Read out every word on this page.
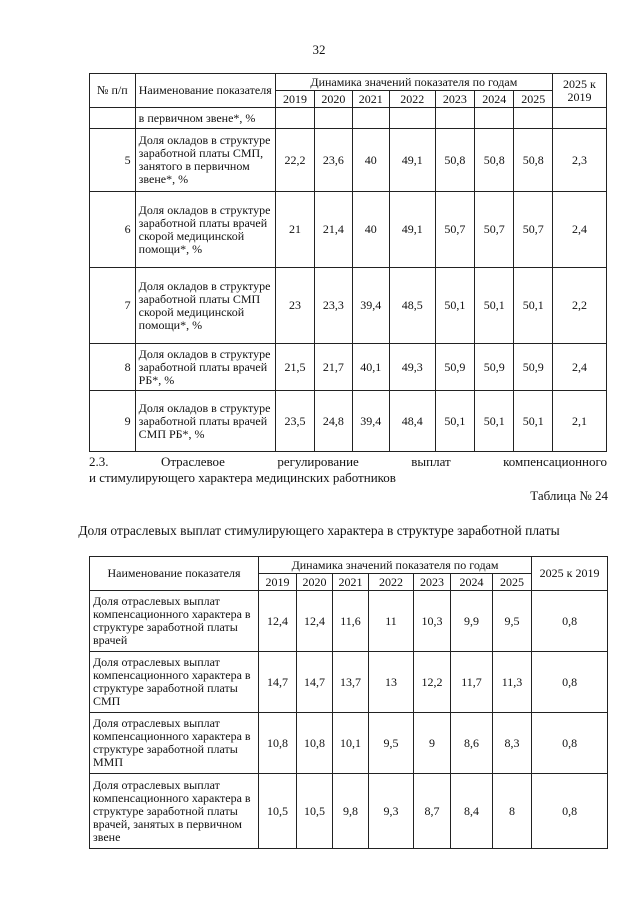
32
№ п/п	Наименование показателя	Динамика значений показателя по годам							2025 к 2019
		2019	2020	2021	2022	2023	2024	2025	
	в первичном звене*, %								
5	Доля окладов в структуре заработной платы СМП, занятого в первичном звене*, %	22,2	23,6	40	49,1	50,8	50,8	50,8	2,3
6	Доля окладов в структуре заработной платы врачей скорой медицинской помощи*, %	21	21,4	40	49,1	50,7	50,7	50,7	2,4
7	Доля окладов в структуре заработной платы СМП скорой медицинской помощи*, %	23	23,3	39,4	48,5	50,1	50,1	50,1	2,2
8	Доля окладов в структуре заработной платы врачей РБ*, %	21,5	21,7	40,1	49,3	50,9	50,9	50,9	2,4
9	Доля окладов в структуре заработной платы врачей СМП РБ*, %	23,5	24,8	39,4	48,4	50,1	50,1	50,1	2,1
2.3. Отраслевое регулирование выплат компенсационного
и стимулирующего характера медицинских работников
Таблица № 24
Доля отраслевых выплат стимулирующего характера в структуре заработной платы
Наименование показателя	Динамика значений показателя по годам							2025 к 2019
	2019	2020	2021	2022	2023	2024	2025	
Доля отраслевых выплат компенсационного характера в структуре заработной платы врачей	12,4	12,4	11,6	11	10,3	9,9	9,5	0,8
Доля отраслевых выплат компенсационного характера в структуре заработной платы СМП	14,7	14,7	13,7	13	12,2	11,7	11,3	0,8
Доля отраслевых выплат компенсационного характера в структуре заработной платы ММП	10,8	10,8	10,1	9,5	9	8,6	8,3	0,8
Доля отраслевых выплат компенсационного характера в структуре заработной платы врачей, занятых в первичном звене	10,5	10,5	9,8	9,3	8,7	8,4	8	0,8
